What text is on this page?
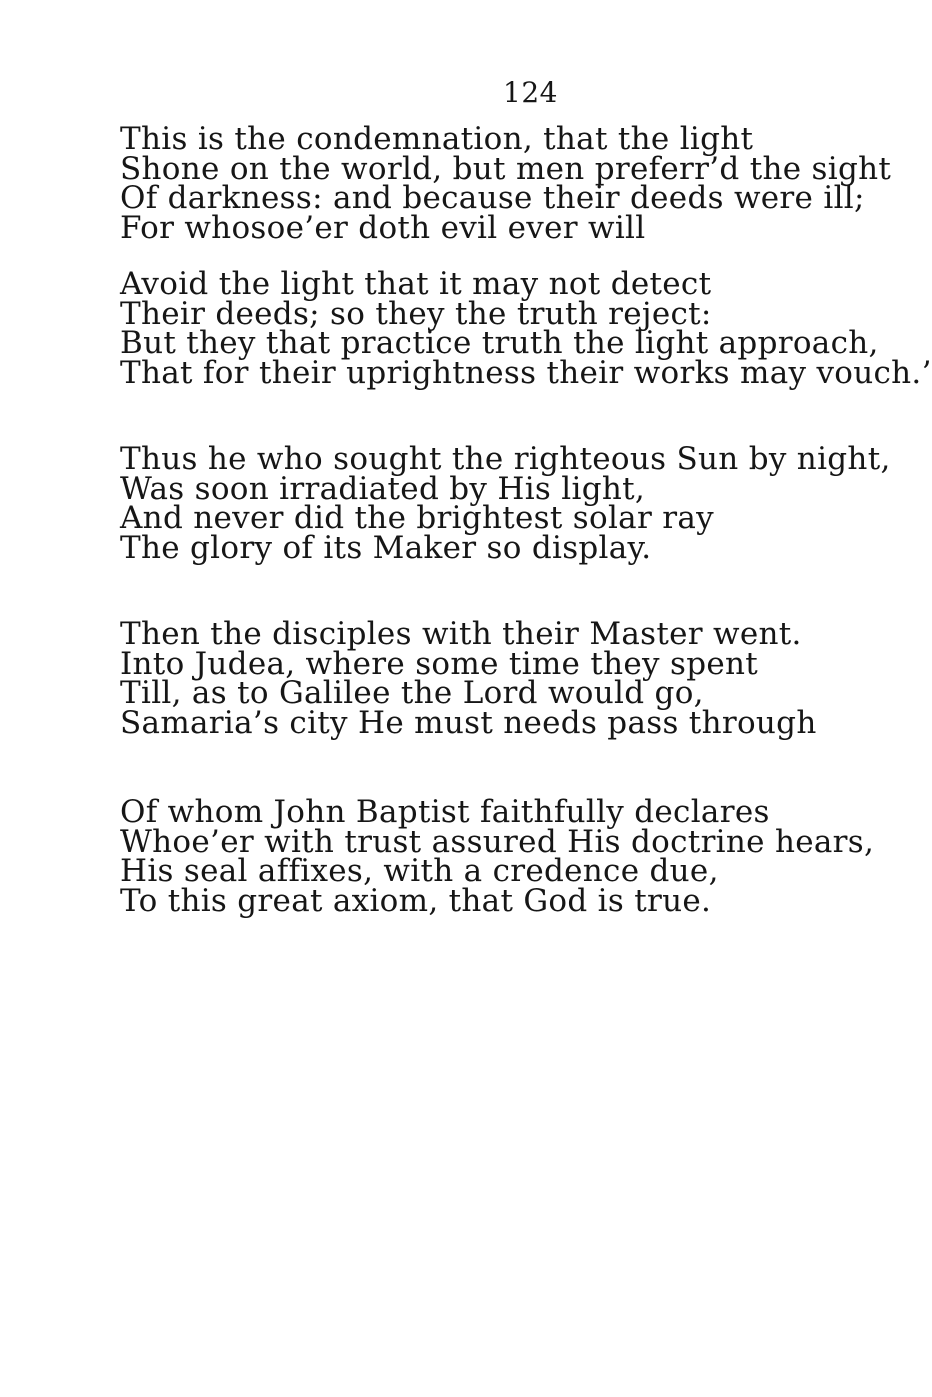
124
This is the condemnation, that the light
Shone on the world, but men preferr’d the sight
Of darkness: and because their deeds were ill;
For whosoe’er doth evil ever will
Avoid the light that it may not detect
Their deeds; so they the truth reject:
But they that practice truth the light approach,
That for their uprightness their works may vouch.’
Thus he who sought the righteous Sun by night,
Was soon irradiated by His light,
And never did the brightest solar ray
The glory of its Maker so display.
Then the disciples with their Master went.
Into Judea, where some time they spent
Till, as to Galilee the Lord would go,
Samaria’s city He must needs pass through
Of whom John Baptist faithfully declares
Whoe’er with trust assured His doctrine hears,
His seal affixes, with a credence due,
To this great axiom, that God is true.
